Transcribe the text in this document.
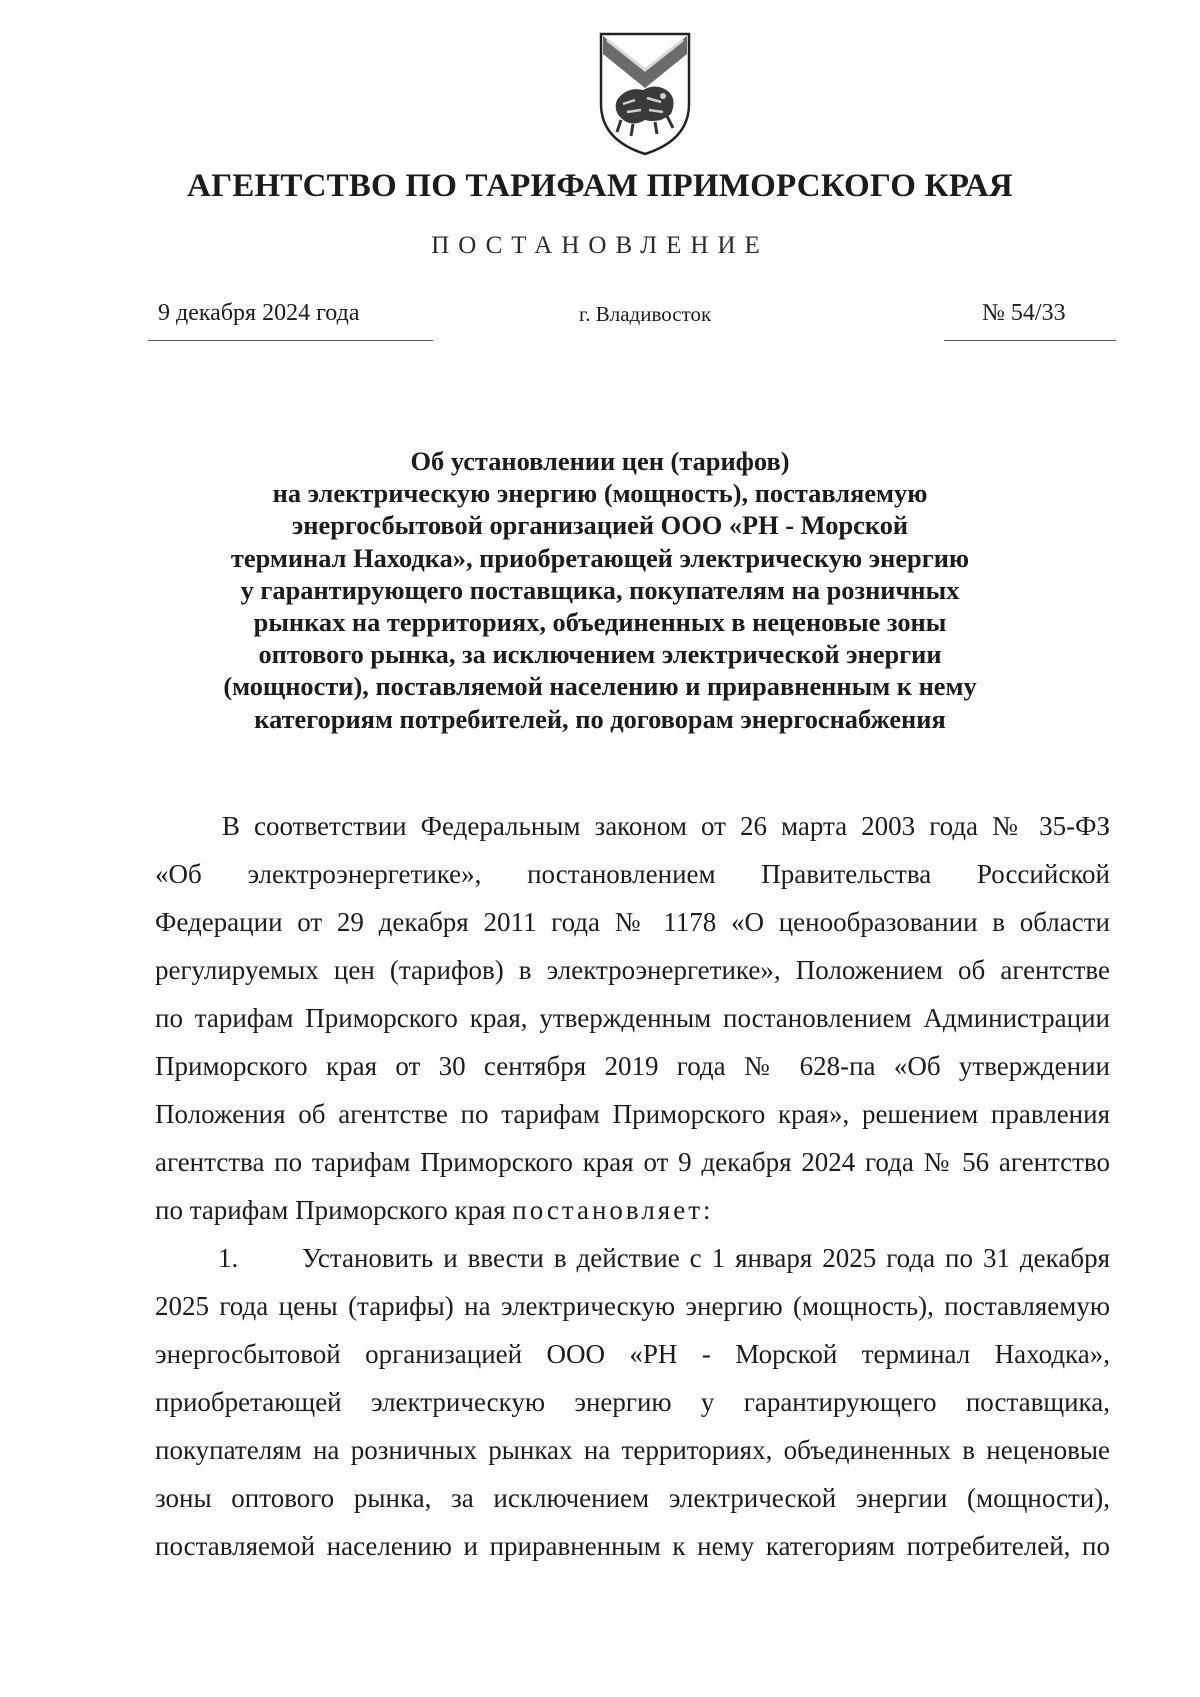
АГЕНТСТВО ПО ТАРИФАМ ПРИМОРСКОГО КРАЯ
ПОСТАНОВЛЕНИЕ
9 декабря 2024 года	г. Владивосток	№ 54/33
Об установлении цен (тарифов)
на электрическую энергию (мощность), поставляемую
энергосбытовой организацией ООО «РН - Морской
терминал Находка», приобретающей электрическую энергию
у гарантирующего поставщика, покупателям на розничных
рынках на территориях, объединенных в неценовые зоны
оптового рынка, за исключением электрической энергии
(мощности), поставляемой населению и приравненным к нему
категориям потребителей, по договорам энергоснабжения
В соответствии Федеральным законом от 26 марта 2003 года № 35-ФЗ
«Об электроэнергетике», постановлением Правительства Российской
Федерации от 29 декабря 2011 года № 1178 «О ценообразовании в области
регулируемых цен (тарифов) в электроэнергетике», Положением об агентстве
по тарифам Приморского края, утвержденным постановлением Администрации
Приморского края от 30 сентября 2019 года № 628-па «Об утверждении
Положения об агентстве по тарифам Приморского края», решением правления
агентства по тарифам Приморского края от 9 декабря 2024 года № 56 агентство
по тарифам Приморского края постановляет:
1. Установить и ввести в действие с 1 января 2025 года по 31 декабря
2025 года цены (тарифы) на электрическую энергию (мощность), поставляемую
энергосбытовой организацией ООО «РН - Морской терминал Находка»,
приобретающей электрическую энергию у гарантирующего поставщика,
покупателям на розничных рынках на территориях, объединенных в неценовые
зоны оптового рынка, за исключением электрической энергии (мощности),
поставляемой населению и приравненным к нему категориям потребителей, по
